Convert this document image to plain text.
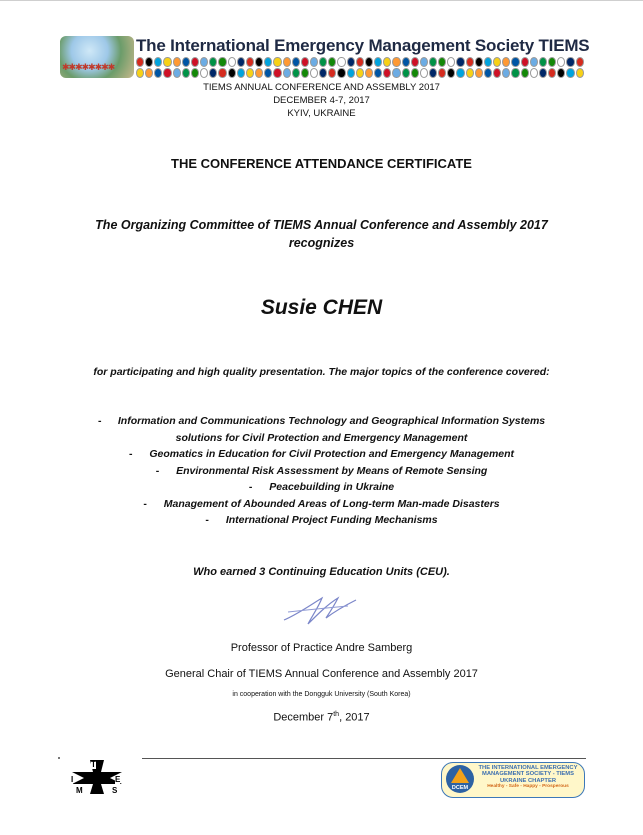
✱✱✱✱✱✱✱✱
The International Emergency Management Society TIEMS
TIEMS ANNUAL CONFERENCE AND ASSEMBLY 2017
DECEMBER 4-7, 2017
KYIV, UKRAINE
THE CONFERENCE ATTENDANCE CERTIFICATE
The Organizing Committee of TIEMS Annual Conference and Assembly 2017
recognizes
Susie CHEN
for participating and high quality presentation. The major topics of the conference covered:
- Information and Communications Technology and Geographical Information Systems
solutions for Civil Protection and Emergency Management
- Geomatics in Education for Civil Protection and Emergency Management
- Environmental Risk Assessment by Means of Remote Sensing
- Peacebuilding in Ukraine
- Management of Abounded Areas of Long-term Man-made Disasters
- International Project Funding Mechanisms
Who earned 3 Continuing Education Units (CEU).
Professor of Practice Andre Samberg
General Chair of TIEMS Annual Conference and Assembly 2017
in cooperation with the Dongguk University (South Korea)
December 7th, 2017
T
I	E
M	S	DCEM
THE INTERNATIONAL EMERGENCY
MANAGEMENT SOCIETY - TIEMS
UKRAINE CHAPTER
Healthy - Safe - Happy - Prosperous
